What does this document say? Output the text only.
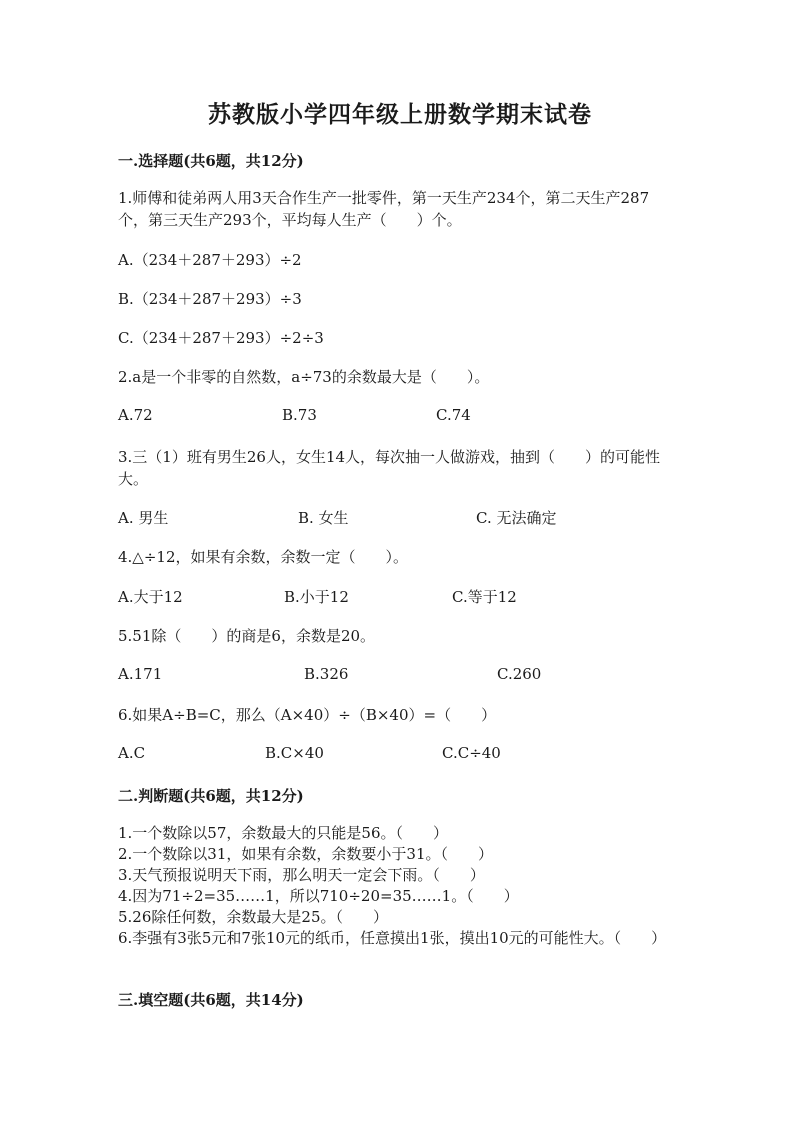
苏教版小学四年级上册数学期末试卷
一.选择题(共6题，共12分)
1.师傅和徒弟两人用3天合作生产一批零件，第一天生产234个，第二天生产287个，第三天生产293个，平均每人生产（　　）个。
A.（234＋287＋293）÷2
B.（234＋287＋293）÷3
C.（234＋287＋293）÷2÷3
2.a是一个非零的自然数，a÷73的余数最大是（　　）。
A.72	B.73	C.74
3.三（1）班有男生26人，女生14人，每次抽一人做游戏，抽到（　　）的可能性大。
A. 男生	B. 女生	C. 无法确定
4.△÷12，如果有余数，余数一定（　　）。
A.大于12	B.小于12	C.等于12
5.51除（　　）的商是6，余数是20。
A.171	B.326	C.260
6.如果A÷B=C，那么（A×40）÷（B×40）=（　　）
A.C	B.C×40	C.C÷40
二.判断题(共6题，共12分)
1.一个数除以57，余数最大的只能是56。（　　）
2.一个数除以31，如果有余数，余数要小于31。（　　）
3.天气预报说明天下雨，那么明天一定会下雨。（　　）
4.因为71÷2=35……1，所以710÷20=35……1。（　　）
5.26除任何数，余数最大是25。（　　）
6.李强有3张5元和7张10元的纸币，任意摸出1张，摸出10元的可能性大。（　　）
三.填空题(共6题，共14分)
